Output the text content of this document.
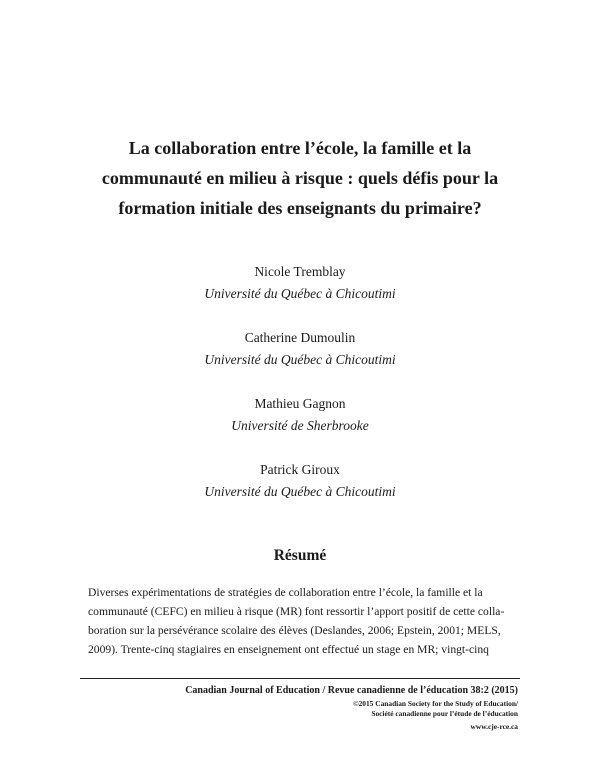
La collaboration entre l’école, la famille et la
communauté en milieu à risque : quels défis pour la
formation initiale des enseignants du primaire?
Nicole Tremblay
Université du Québec à Chicoutimi
Catherine Dumoulin
Université du Québec à Chicoutimi
Mathieu Gagnon
Université de Sherbrooke
Patrick Giroux
Université du Québec à Chicoutimi
Résumé
Diverses expérimentations de stratégies de collaboration entre l’école, la famille et la
communauté (CEFC) en milieu à risque (MR) font ressortir l’apport positif de cette colla-
boration sur la persévérance scolaire des élèves (Deslandes, 2006; Epstein, 2001; MELS,
2009). Trente-cinq stagiaires en enseignement ont effectué un stage en MR; vingt-cinq
Canadian Journal of Education / Revue canadienne de l’éducation 38:2 (2015)
©2015 Canadian Society for the Study of Education/
Société canadienne pour l’étude de l’éducation
www.cje-rce.ca
